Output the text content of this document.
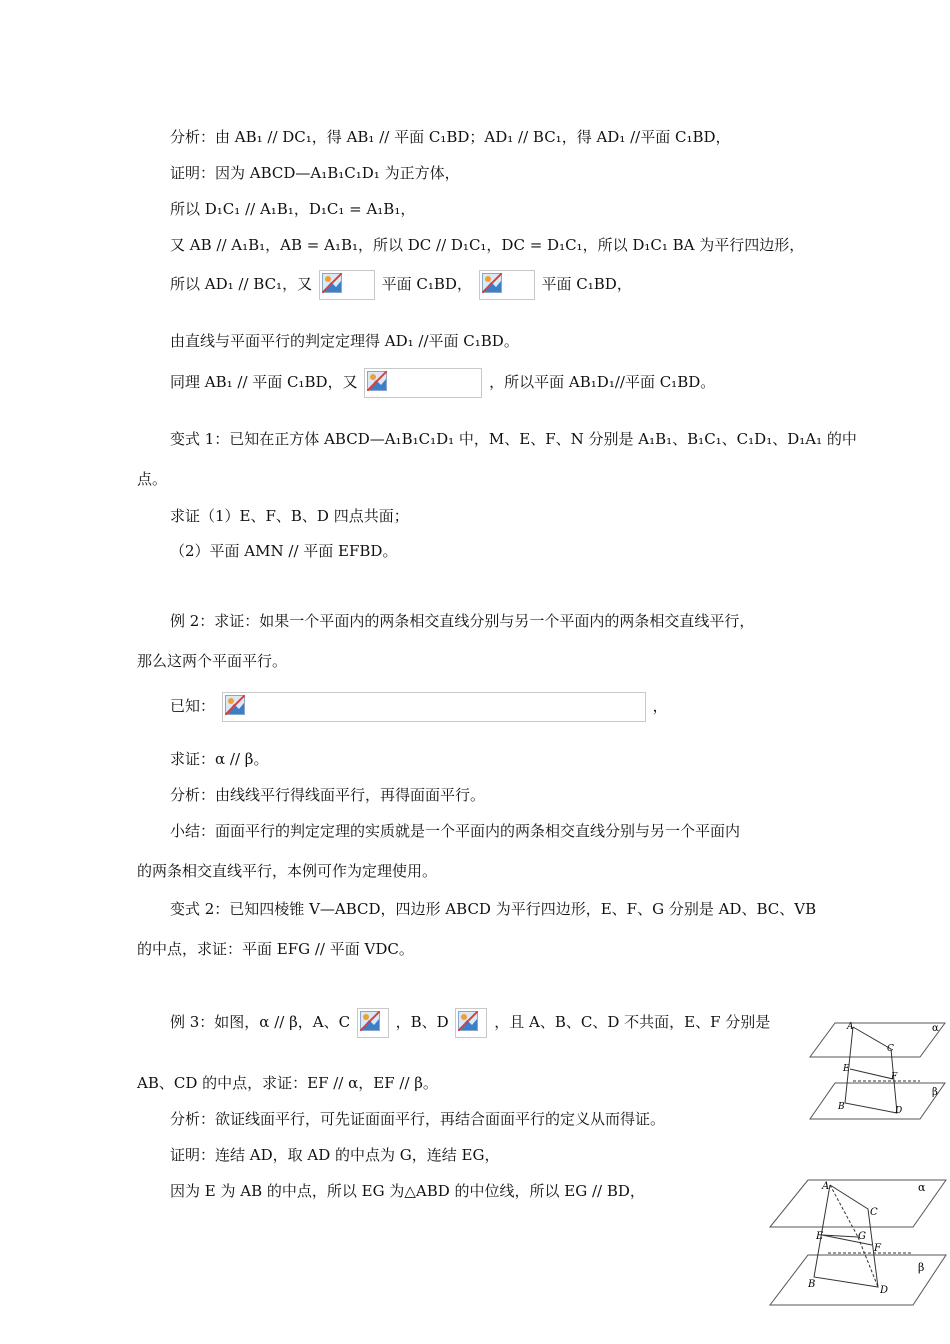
分析：由 AB₁ // DC₁，得 AB₁ // 平面 C₁BD；AD₁ // BC₁，得 AD₁ //平面 C₁BD，
证明：因为 ABCD—A₁B₁C₁D₁ 为正方体，
所以 D₁C₁ // A₁B₁，D₁C₁ = A₁B₁，
又 AB // A₁B₁，AB = A₁B₁，所以 DC // D₁C₁，DC = D₁C₁，所以 D₁C₁ BA 为平行四边形，
所以 AD₁ // BC₁，又	平面 C₁BD，	平面 C₁BD，
由直线与平面平行的判定定理得 AD₁ //平面 C₁BD。
同理 AB₁ // 平面 C₁BD，又	，所以平面 AB₁D₁//平面 C₁BD。
变式 1：已知在正方体 ABCD—A₁B₁C₁D₁ 中，M、E、F、N 分别是 A₁B₁、B₁C₁、C₁D₁、D₁A₁ 的中
点。
求证（1）E、F、B、D 四点共面；
（2）平面 AMN // 平面 EFBD。
例 2：求证：如果一个平面内的两条相交直线分别与另一个平面内的两条相交直线平行，
那么这两个平面平行。
已知：	，
求证：α // β。
分析：由线线平行得线面平行，再得面面平行。
小结：面面平行的判定定理的实质就是一个平面内的两条相交直线分别与另一个平面内
的两条相交直线平行，本例可作为定理使用。
变式 2：已知四棱锥 V—ABCD，四边形 ABCD 为平行四边形，E、F、G 分别是 AD、BC、VB
的中点，求证：平面 EFG // 平面 VDC。
例 3：如图，α // β，A、C	，B、D	，且 A、B、C、D 不共面，E、F 分别是
AB、CD 的中点，求证：EF // α，EF // β。
分析：欲证线面平行，可先证面面平行，再结合面面平行的定义从而得证。
证明：连结 AD，取 AD 的中点为 G，连结 EG，
因为 E 为 AB 的中点，所以 EG 为△ABD 的中位线，所以 EG // BD，
α
β
A
C
E
F
B	D
α
β
A
C
E	G
F
B
D
